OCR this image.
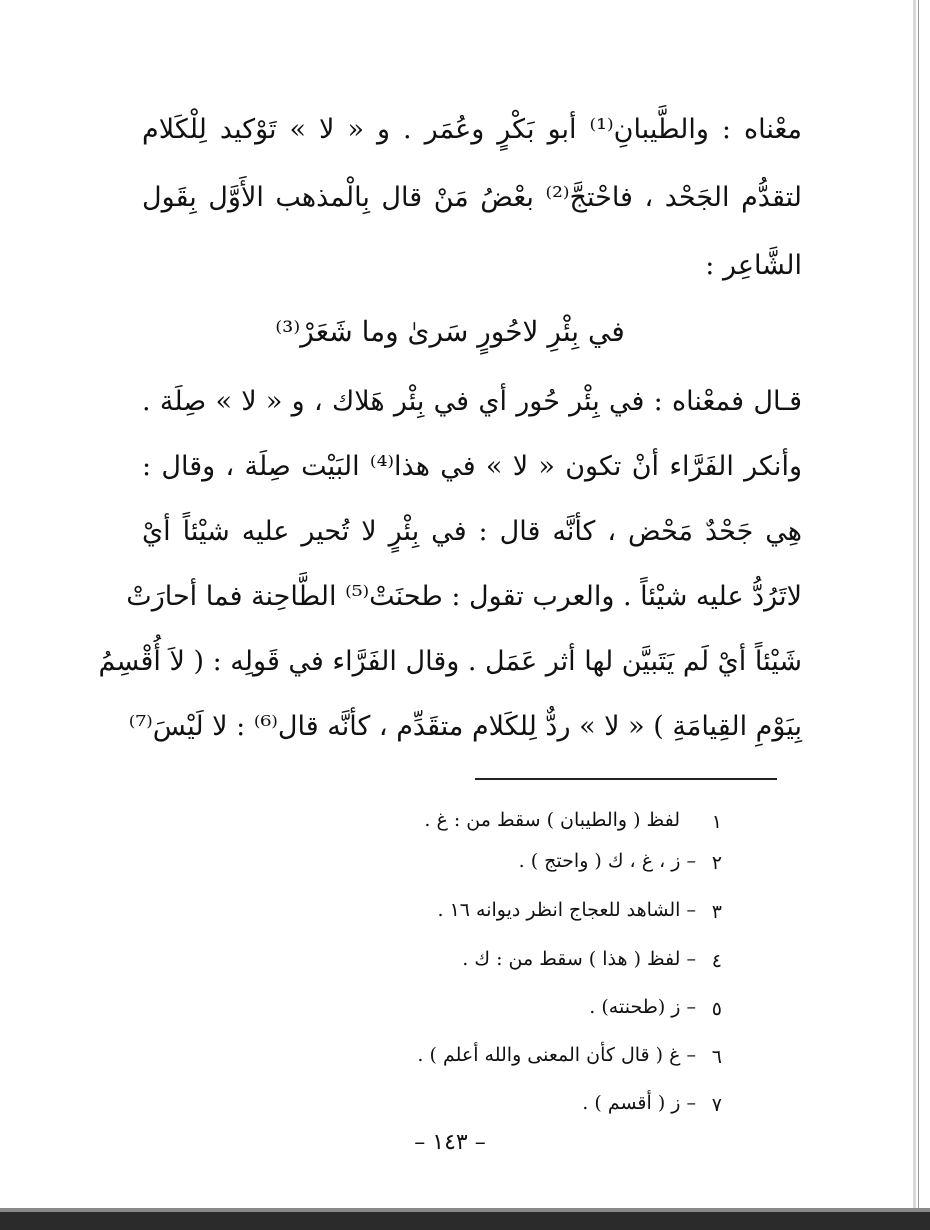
معْناه : والطَّيبانِ⁽¹⁾ أبو بَكْرٍ وعُمَر . و « لا » تَوْكيد لِلْكَلام
لتقدُّم الجَحْد ، فاحْتجَّ⁽²⁾ بعْضُ مَنْ قال بِالْمذهب الأَوَّل بِقَول
الشَّاعِر :
في بِئْرِ لاحُورٍ سَرىٰ وما شَعَرْ⁽³⁾
قـال فمعْناه : في بِئْر حُور أي في بِئْر هَلاك ، و « لا » صِلَة .
وأنكر الفَرَّاء أنْ تكون « لا » في هذا⁽⁴⁾ البَيْت صِلَة ، وقال :
هِي جَحْدٌ مَحْض ، كأنَّه قال : في بِئْرٍ لا تُحير عليه شيْئاً أيْ
لاتَرُدُّ عليه شيْئاً . والعرب تقول : طحنَتْ⁽⁵⁾ الطَّاحِنة فما أحارَتْ
شَيْئاً أيْ لَم يَتَبيَّن لها أثر عَمَل . وقال الفَرَّاء في قَولِه : ( لاَ أُقْسِمُ
بِيَوْمِ القِيامَةِ ) « لا » ردٌّ لِلكَلام متقَدِّم ، كأنَّه قال⁽⁶⁾ : لا لَيْسَ⁽⁷⁾
١
لفظ ( والطيبان ) سقط من : غ .
٢
– ز ، غ ، ك ( واحتج ) .
٣
– الشاهد للعجاج انظر ديوانه ١٦ .
٤
– لفظ ( هذا ) سقط من : ك .
٥
– ز (طحنته) .
٦
– غ ( قال كأن المعنى والله أعلم ) .
٧
– ز ( أقسم ) .
– ١٤٣ –
